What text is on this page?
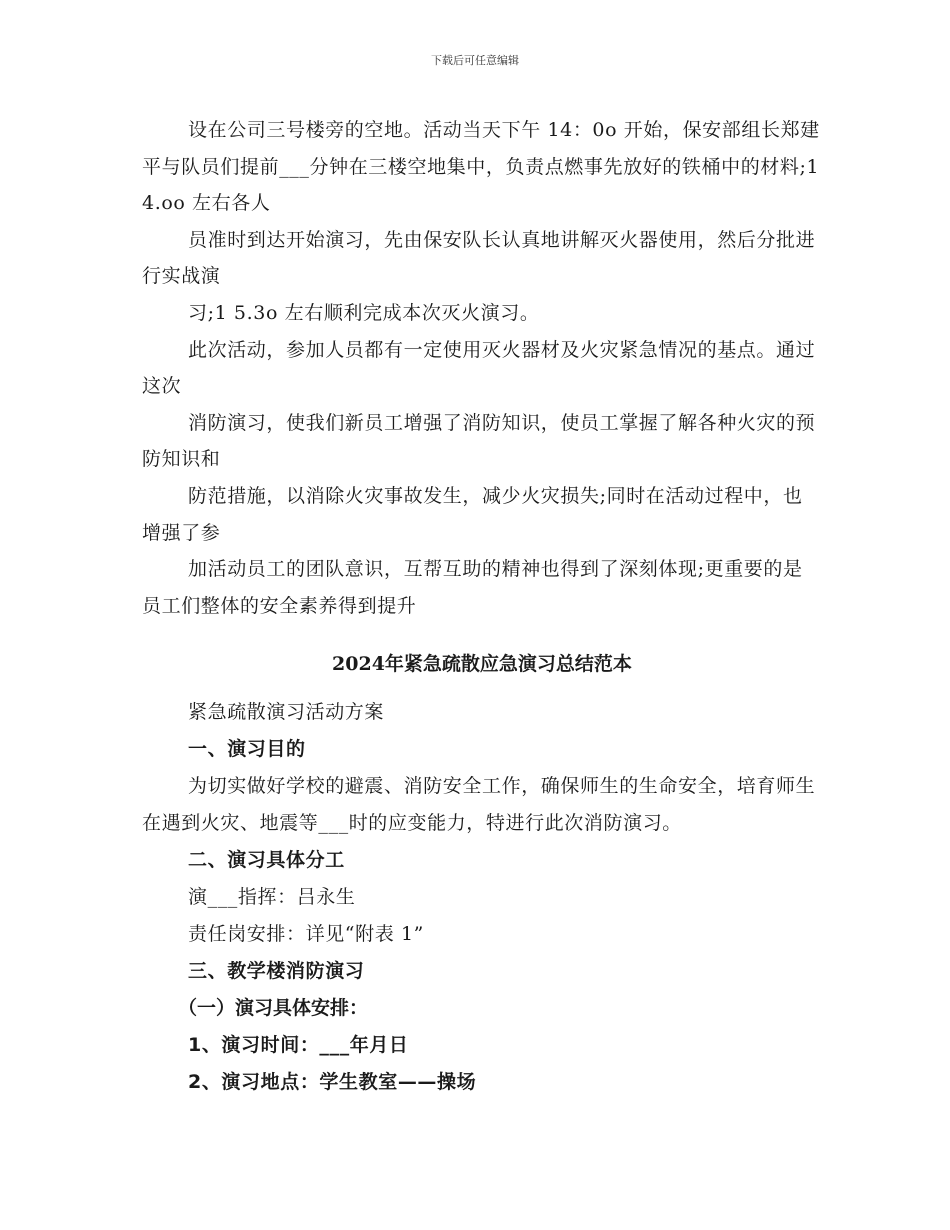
下载后可任意编辑

设在公司三号楼旁的空地。活动当天下午 14：0o 开始，保安部组长郑建平与队员们提前___分钟在三楼空地集中，负责点燃事先放好的铁桶中的材料;1 4.oo 左右各人

员准时到达开始演习，先由保安队长认真地讲解灭火器使用，然后分批进行实战演

习;1 5.3o 左右顺利完成本次灭火演习。

此次活动，参加人员都有一定使用灭火器材及火灾紧急情况的基点。通过这次

消防演习，使我们新员工增强了消防知识，使员工掌握了解各种火灾的预防知识和

防范措施，以消除火灾事故发生，减少火灾损失;同时在活动过程中，也增强了参

加活动员工的团队意识，互帮互助的精神也得到了深刻体现;更重要的是员工们整体的安全素养得到提升

2024年紧急疏散应急演习总结范本

紧急疏散演习活动方案

一、演习目的

为切实做好学校的避震、消防安全工作，确保师生的生命安全，培育师生在遇到火灾、地震等___时的应变能力，特进行此次消防演习。

二、演习具体分工

演___指挥：吕永生

责任岗安排：详见“附表 1”

三、教学楼消防演习

（一）演习具体安排：

1、演习时间：___年月日

2、演习地点：学生教室——操场
